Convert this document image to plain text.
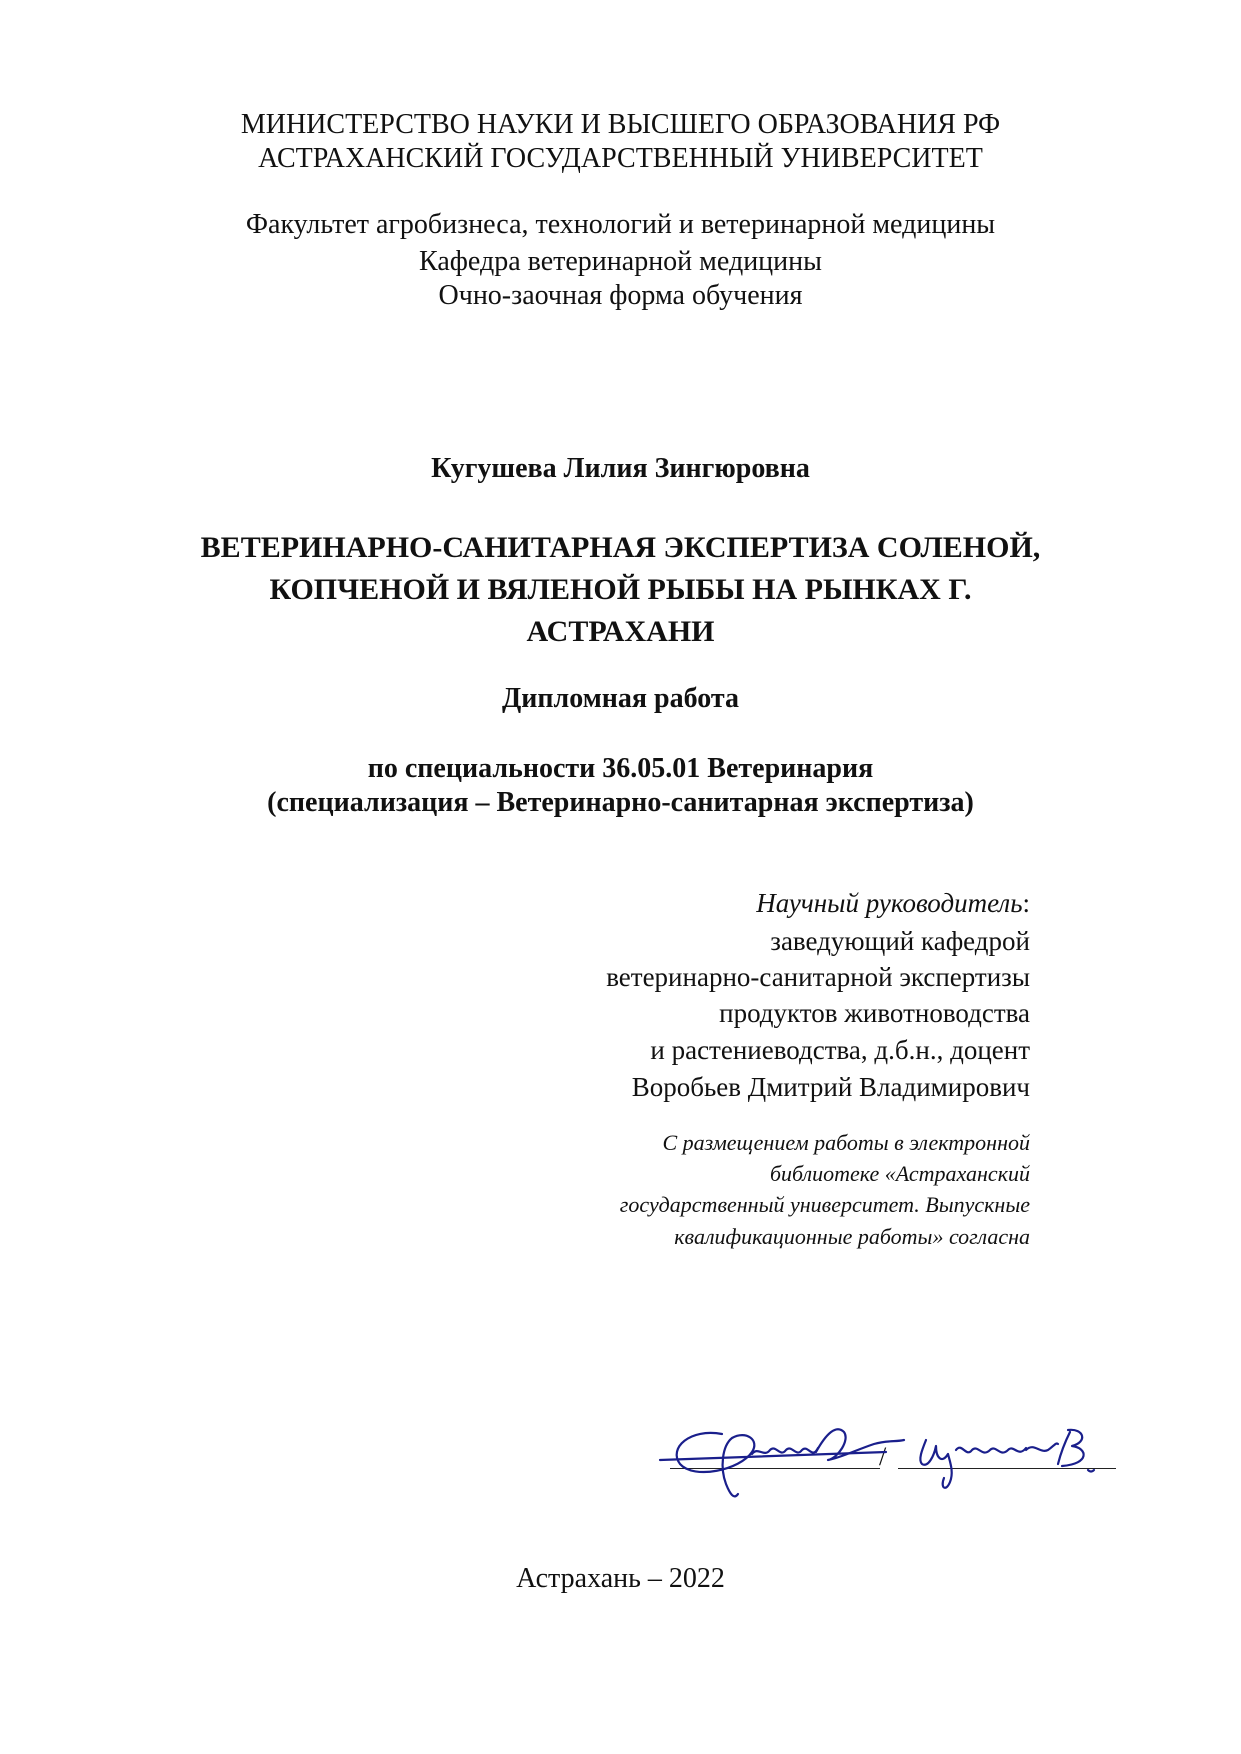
МИНИСТЕРСТВО НАУКИ И ВЫСШЕГО ОБРАЗОВАНИЯ РФ
АСТРАХАНСКИЙ ГОСУДАРСТВЕННЫЙ УНИВЕРСИТЕТ
Факультет агробизнеса, технологий и ветеринарной медицины
Кафедра ветеринарной медицины
Очно-заочная форма обучения
Кугушева Лилия Зингюровна
ВЕТЕРИНАРНО-САНИТАРНАЯ ЭКСПЕРТИЗА СОЛЕНОЙ,
КОПЧЕНОЙ И ВЯЛЕНОЙ РЫБЫ НА РЫНКАХ Г.
АСТРАХАНИ
Дипломная работа
по специальности 36.05.01 Ветеринария
(специализация – Ветеринарно-санитарная экспертиза)
Научный руководитель:
заведующий кафедрой
ветеринарно-санитарной экспертизы
продуктов животноводства
и растениеводства, д.б.н., доцент
Воробьев Дмитрий Владимирович
С размещением работы в электронной
библиотеке «Астраханский
государственный университет. Выпускные
квалификационные работы» согласна
/
Астрахань – 2022
